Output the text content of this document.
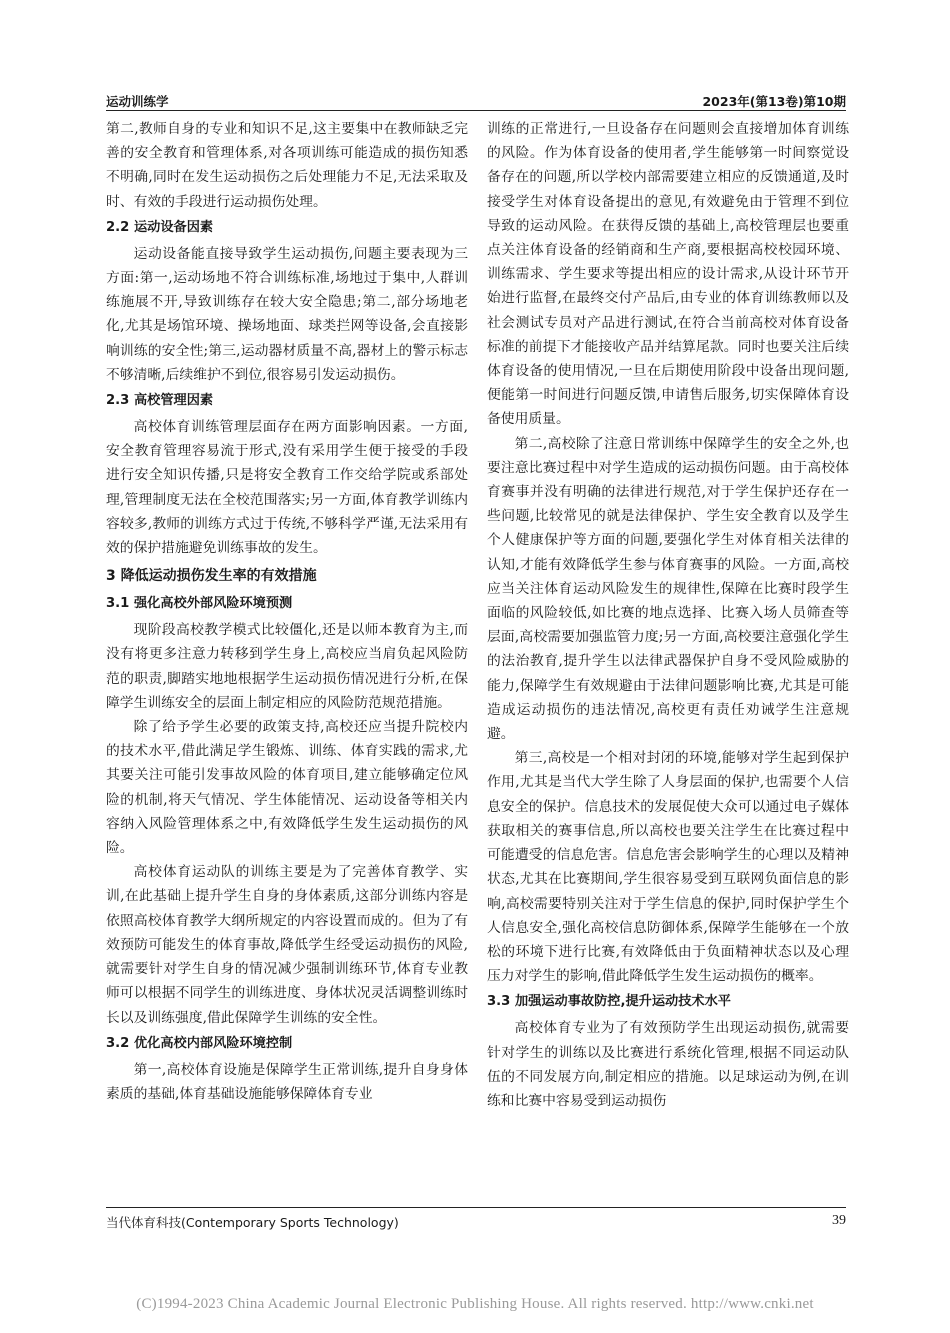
运动训练学	2023年(第13卷)第10期

第二,教师自身的专业和知识不足,这主要集中在教师缺乏完善的安全教育和管理体系,对各项训练可能造成的损伤知悉不明确,同时在发生运动损伤之后处理能力不足,无法采取及时、有效的手段进行运动损伤处理。

2.2 运动设备因素

运动设备能直接导致学生运动损伤,问题主要表现为三方面:第一,运动场地不符合训练标准,场地过于集中,人群训练施展不开,导致训练存在较大安全隐患;第二,部分场地老化,尤其是场馆环境、操场地面、球类拦网等设备,会直接影响训练的安全性;第三,运动器材质量不高,器材上的警示标志不够清晰,后续维护不到位,很容易引发运动损伤。

2.3 高校管理因素

高校体育训练管理层面存在两方面影响因素。一方面,安全教育管理容易流于形式,没有采用学生便于接受的手段进行安全知识传播,只是将安全教育工作交给学院或系部处理,管理制度无法在全校范围落实;另一方面,体育教学训练内容较多,教师的训练方式过于传统,不够科学严谨,无法采用有效的保护措施避免训练事故的发生。

3 降低运动损伤发生率的有效措施
3.1 强化高校外部风险环境预测

现阶段高校教学模式比较僵化,还是以师本教育为主,而没有将更多注意力转移到学生身上,高校应当肩负起风险防范的职责,脚踏实地地根据学生运动损伤情况进行分析,在保障学生训练安全的层面上制定相应的风险防范规范措施。

除了给予学生必要的政策支持,高校还应当提升院校内的技术水平,借此满足学生锻炼、训练、体育实践的需求,尤其要关注可能引发事故风险的体育项目,建立能够确定位风险的机制,将天气情况、学生体能情况、运动设备等相关内容纳入风险管理体系之中,有效降低学生发生运动损伤的风险。

高校体育运动队的训练主要是为了完善体育教学、实训,在此基础上提升学生自身的身体素质,这部分训练内容是依照高校体育教学大纲所规定的内容设置而成的。但为了有效预防可能发生的体育事故,降低学生经受运动损伤的风险,就需要针对学生自身的情况减少强制训练环节,体育专业教师可以根据不同学生的训练进度、身体状况灵活调整训练时长以及训练强度,借此保障学生训练的安全性。

3.2 优化高校内部风险环境控制

第一,高校体育设施是保障学生正常训练,提升自身身体素质的基础,体育基础设施能够保障体育专业

训练的正常进行,一旦设备存在问题则会直接增加体育训练的风险。作为体育设备的使用者,学生能够第一时间察觉设备存在的问题,所以学校内部需要建立相应的反馈通道,及时接受学生对体育设备提出的意见,有效避免由于管理不到位导致的运动风险。在获得反馈的基础上,高校管理层也要重点关注体育设备的经销商和生产商,要根据高校校园环境、训练需求、学生要求等提出相应的设计需求,从设计环节开始进行监督,在最终交付产品后,由专业的体育训练教师以及社会测试专员对产品进行测试,在符合当前高校对体育设备标准的前提下才能接收产品并结算尾款。同时也要关注后续体育设备的使用情况,一旦在后期使用阶段中设备出现问题,便能第一时间进行问题反馈,申请售后服务,切实保障体育设备使用质量。

第二,高校除了注意日常训练中保障学生的安全之外,也要注意比赛过程中对学生造成的运动损伤问题。由于高校体育赛事并没有明确的法律进行规范,对于学生保护还存在一些问题,比较常见的就是法律保护、学生安全教育以及学生个人健康保护等方面的问题,要强化学生对体育相关法律的认知,才能有效降低学生参与体育赛事的风险。一方面,高校应当关注体育运动风险发生的规律性,保障在比赛时段学生面临的风险较低,如比赛的地点选择、比赛入场人员筛查等层面,高校需要加强监管力度;另一方面,高校要注意强化学生的法治教育,提升学生以法律武器保护自身不受风险威胁的能力,保障学生有效规避由于法律问题影响比赛,尤其是可能造成运动损伤的违法情况,高校更有责任劝诫学生注意规避。

第三,高校是一个相对封闭的环境,能够对学生起到保护作用,尤其是当代大学生除了人身层面的保护,也需要个人信息安全的保护。信息技术的发展促使大众可以通过电子媒体获取相关的赛事信息,所以高校也要关注学生在比赛过程中可能遭受的信息危害。信息危害会影响学生的心理以及精神状态,尤其在比赛期间,学生很容易受到互联网负面信息的影响,高校需要特别关注对于学生信息的保护,同时保护学生个人信息安全,强化高校信息防御体系,保障学生能够在一个放松的环境下进行比赛,有效降低由于负面精神状态以及心理压力对学生的影响,借此降低学生发生运动损伤的概率。

3.3 加强运动事故防控,提升运动技术水平

高校体育专业为了有效预防学生出现运动损伤,就需要针对学生的训练以及比赛进行系统化管理,根据不同运动队伍的不同发展方向,制定相应的措施。以足球运动为例,在训练和比赛中容易受到运动损伤

当代体育科技(Contemporary Sports Technology)	39
(C)1994-2023 China Academic Journal Electronic Publishing House. All rights reserved. http://www.cnki.net
